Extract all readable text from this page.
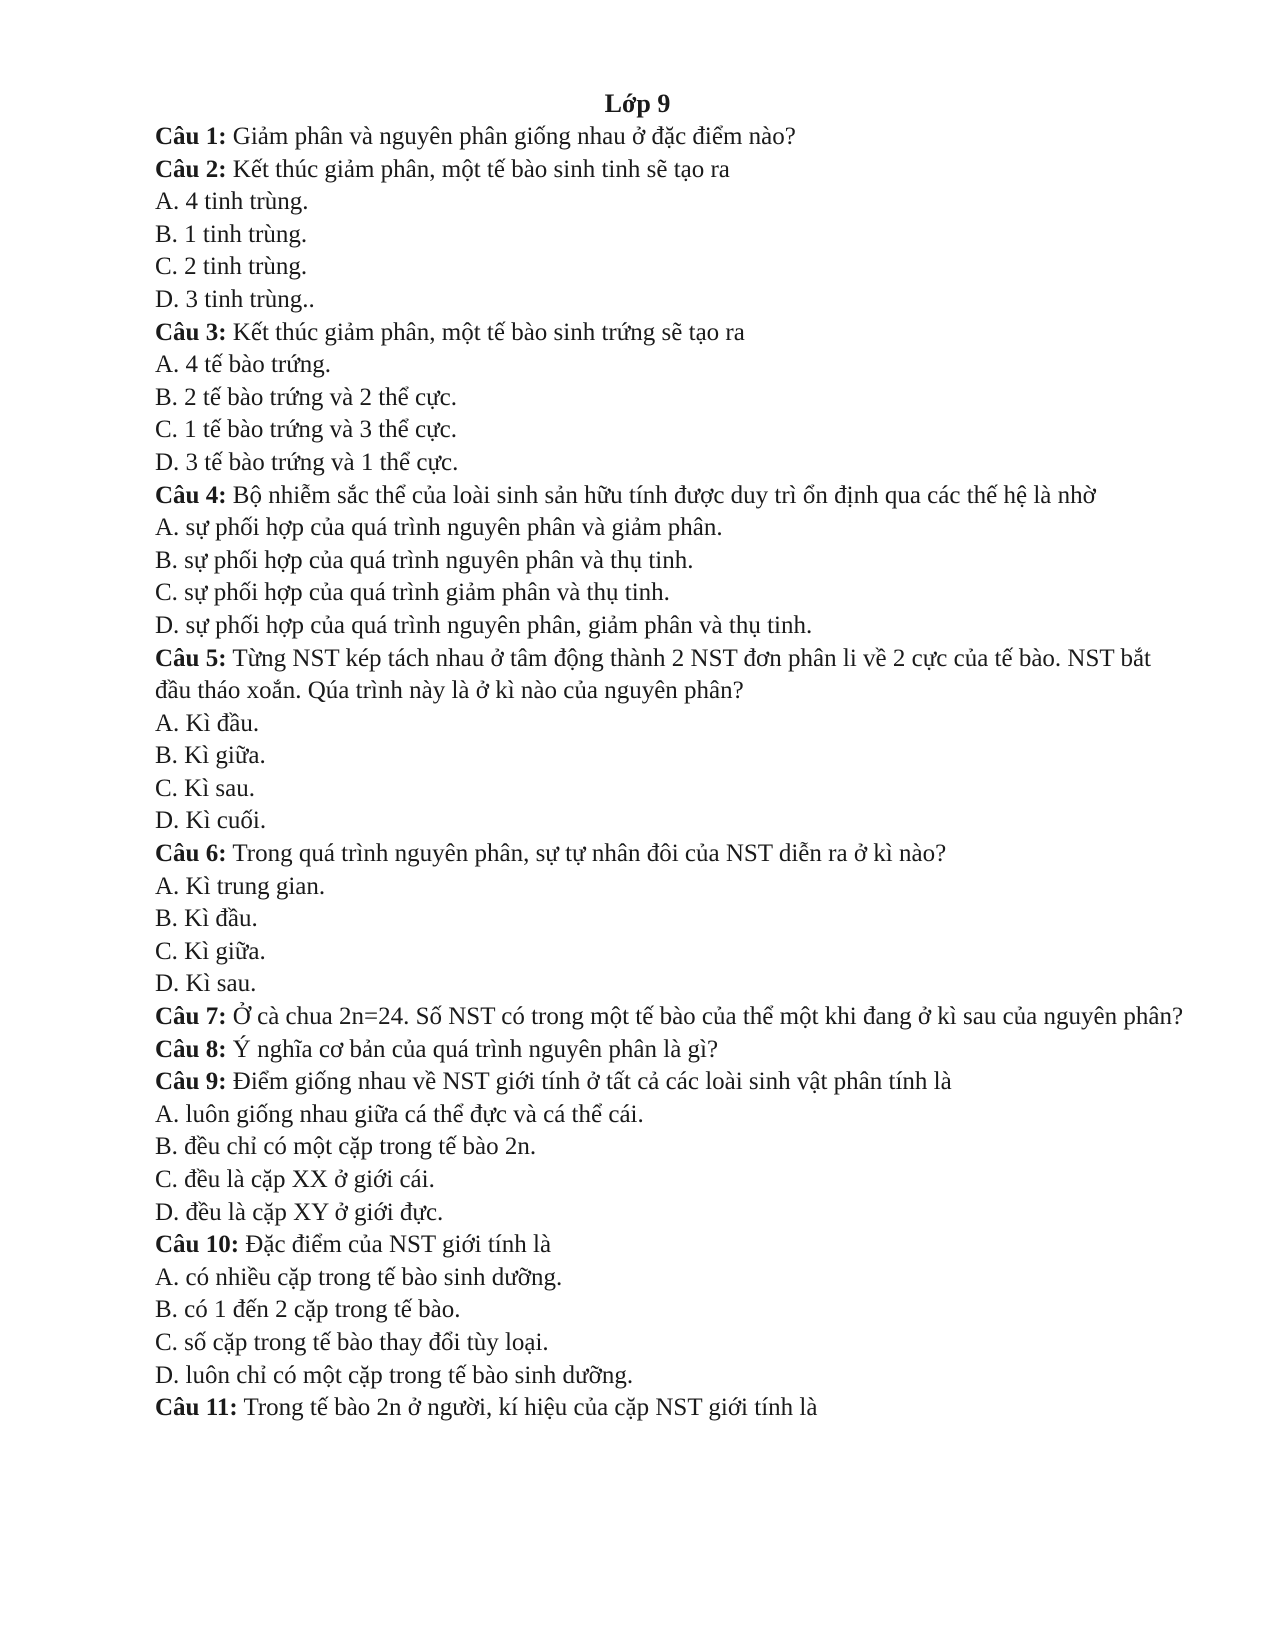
Lớp 9

Câu 1: Giảm phân và nguyên phân giống nhau ở đặc điểm nào?

Câu 2: Kết thúc giảm phân, một tế bào sinh tinh sẽ tạo ra

A. 4 tinh trùng.

B. 1 tinh trùng.

C. 2 tinh trùng.

D. 3 tinh trùng..

Câu 3: Kết thúc giảm phân, một tế bào sinh trứng sẽ tạo ra

A. 4 tế bào trứng.

B. 2 tế bào trứng và 2 thể cực.

C. 1 tế bào trứng và 3 thể cực.

D. 3 tế bào trứng và 1 thể cực.

Câu 4: Bộ nhiễm sắc thể của loài sinh sản hữu tính được duy trì ổn định qua các thế hệ là nhờ

A. sự phối hợp của quá trình nguyên phân và giảm phân.

B. sự phối hợp của quá trình nguyên phân và thụ tinh.

C. sự phối hợp của quá trình giảm phân và thụ tinh.

D. sự phối hợp của quá trình nguyên phân, giảm phân và thụ tinh.

Câu 5: Từng NST kép tách nhau ở tâm động thành 2 NST đơn phân li về 2 cực của tế bào. NST bắt đầu tháo xoắn. Qúa trình này là ở kì nào của nguyên phân?

A. Kì đầu.

B. Kì giữa.

C. Kì sau.

D. Kì cuối.

Câu 6: Trong quá trình nguyên phân, sự tự nhân đôi của NST diễn ra ở kì nào?

A. Kì trung gian.

B. Kì đầu.

C. Kì giữa.

D. Kì sau.

Câu 7: Ở cà chua 2n=24. Số NST có trong một tế bào của thể một khi đang ở kì sau của nguyên phân?

Câu 8: Ý nghĩa cơ bản của quá trình nguyên phân là gì?

Câu 9: Điểm giống nhau về NST giới tính ở tất cả các loài sinh vật phân tính là

A. luôn giống nhau giữa cá thể đực và cá thể cái.

B. đều chỉ có một cặp trong tế bào 2n.

C. đều là cặp XX ở giới cái.

D. đều là cặp XY ở giới đực.

Câu 10: Đặc điểm của NST giới tính là

A. có nhiều cặp trong tế bào sinh dưỡng.

B. có 1 đến 2 cặp trong tế bào.

C. số cặp trong tế bào thay đổi tùy loại.

D. luôn chỉ có một cặp trong tế bào sinh dưỡng.

Câu 11: Trong tế bào 2n ở người, kí hiệu của cặp NST giới tính là
